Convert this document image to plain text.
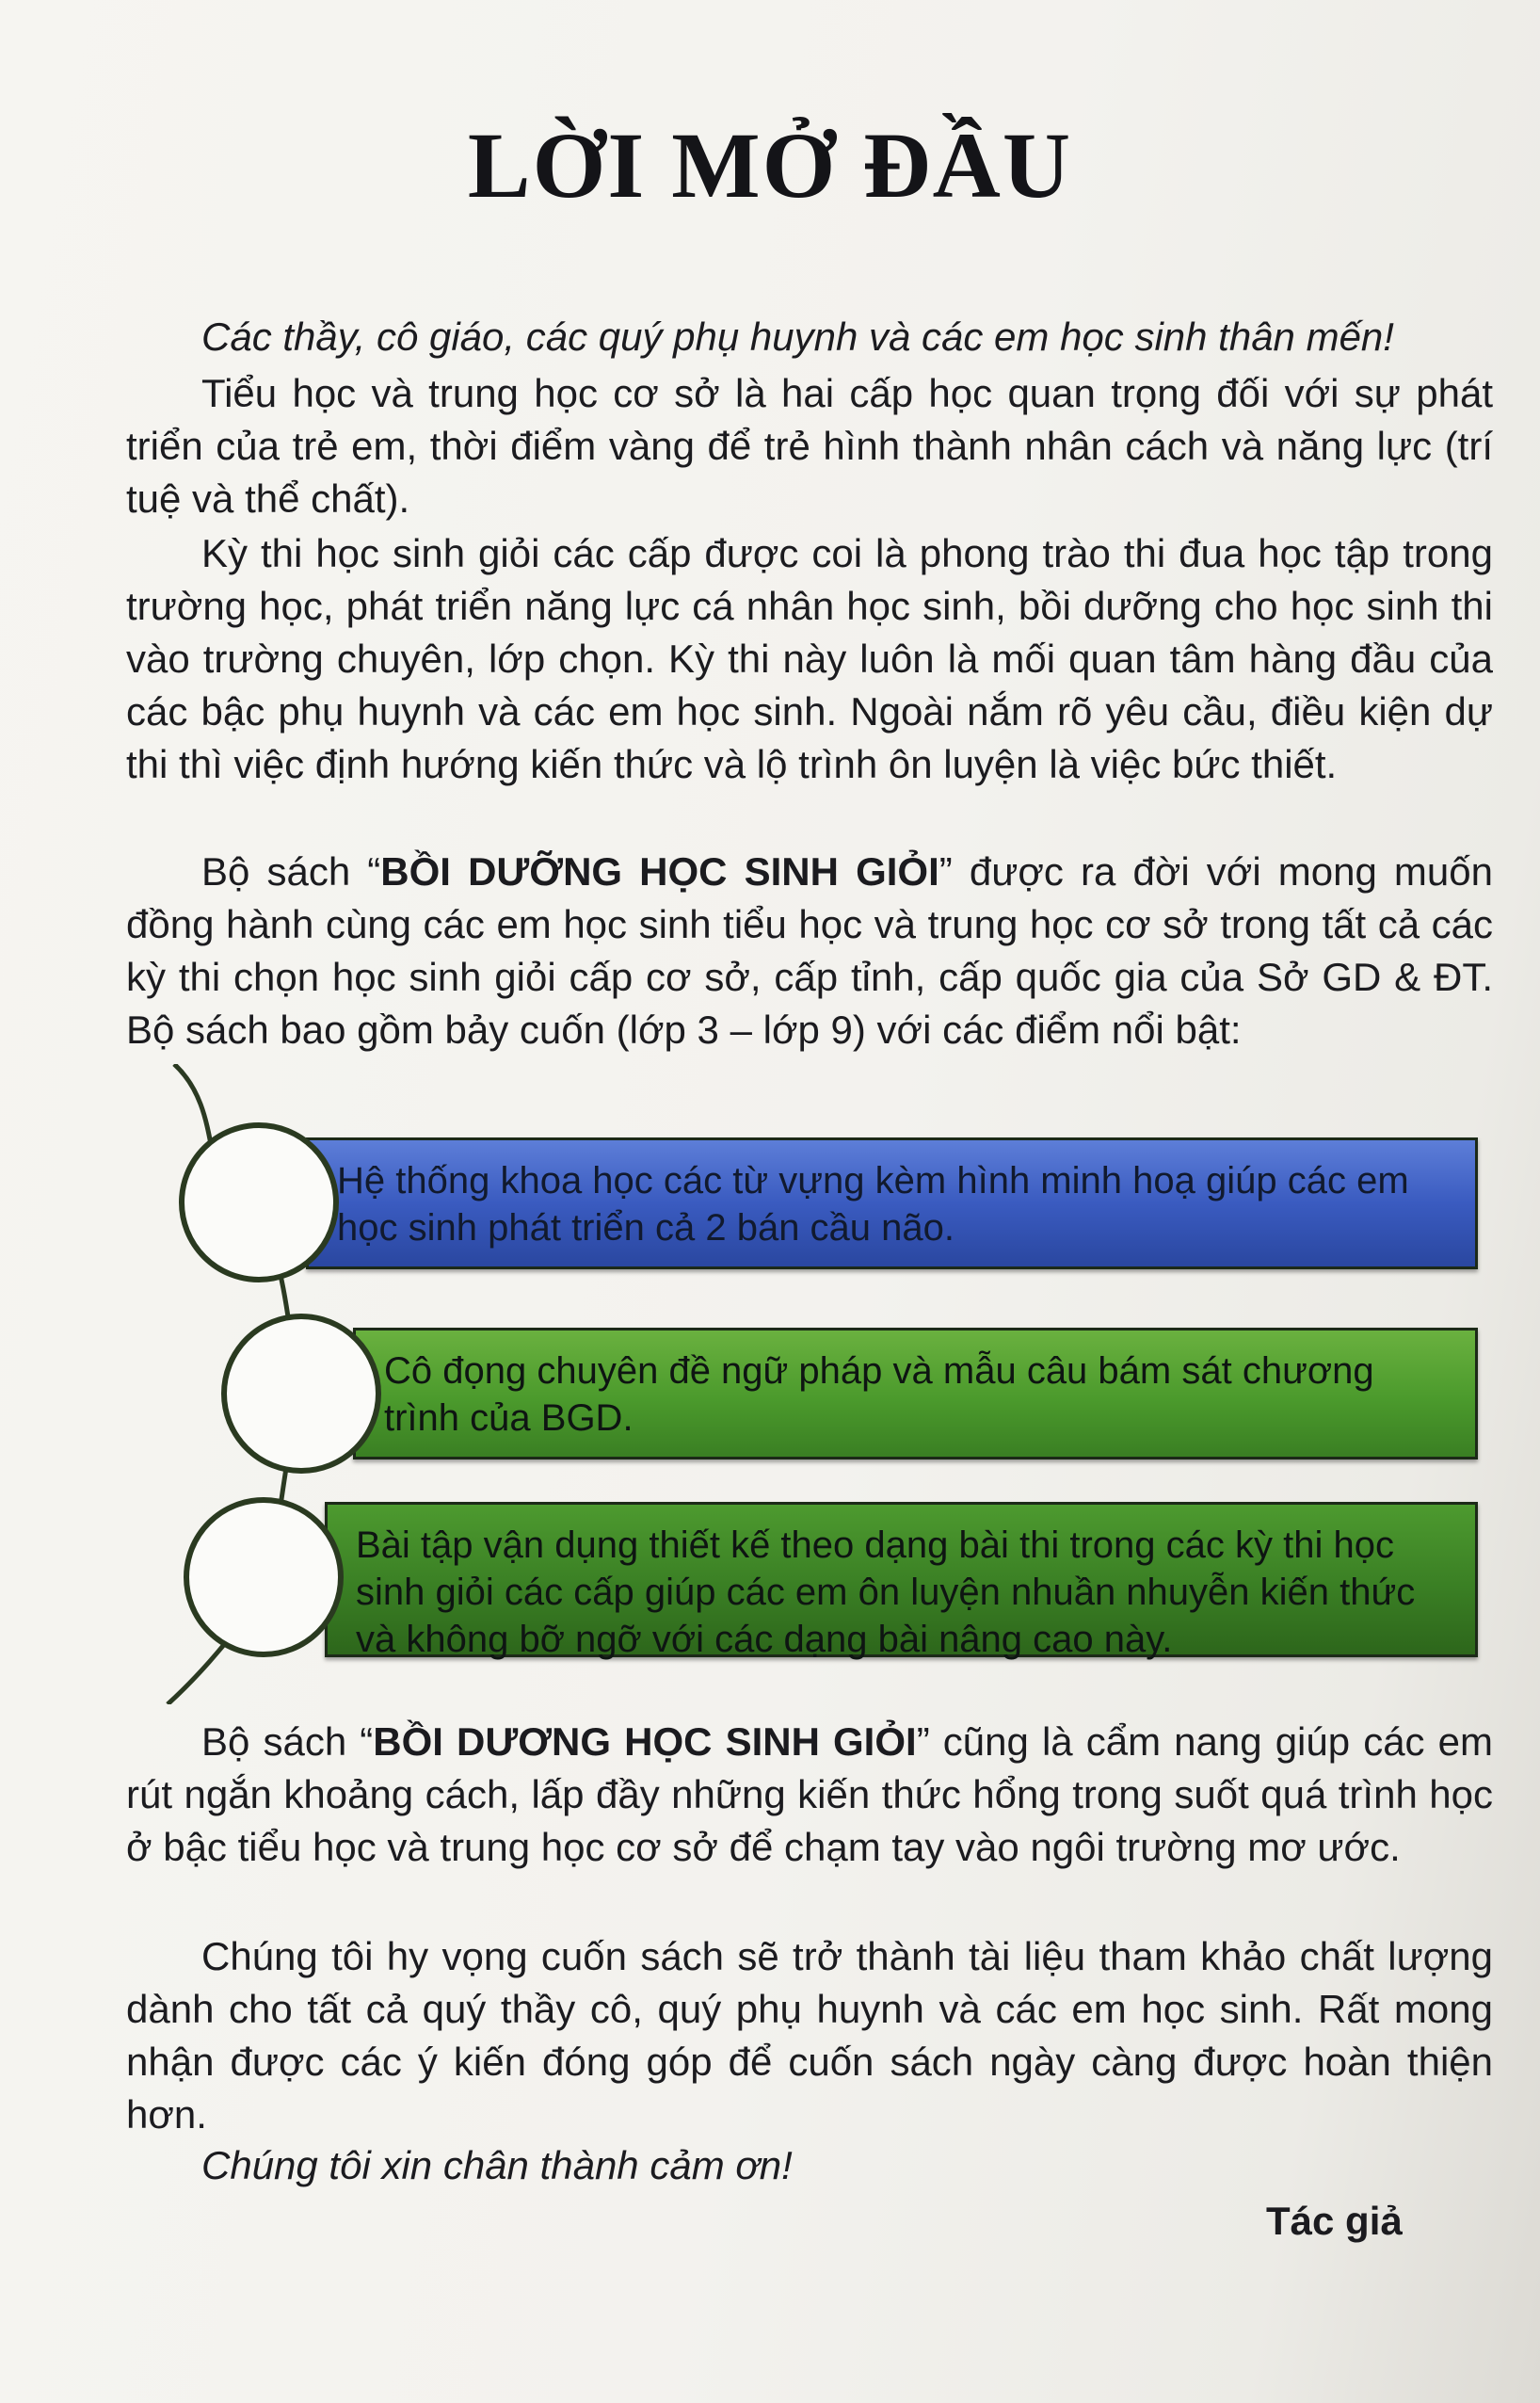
LỜI MỞ ĐẦU

Các thầy, cô giáo, các quý phụ huynh và các em học sinh thân mến!

Tiểu học và trung học cơ sở là hai cấp học quan trọng đối với sự phát triển của trẻ em, thời điểm vàng để trẻ hình thành nhân cách và năng lực (trí tuệ và thể chất).

Kỳ thi học sinh giỏi các cấp được coi là phong trào thi đua học tập trong trường học, phát triển năng lực cá nhân học sinh, bồi dưỡng cho học sinh thi vào trường chuyên, lớp chọn. Kỳ thi này luôn là mối quan tâm hàng đầu của các bậc phụ huynh và các em học sinh. Ngoài nắm rõ yêu cầu, điều kiện dự thi thì việc định hướng kiến thức và lộ trình ôn luyện là việc bức thiết.

Bộ sách “BỒI DƯỠNG HỌC SINH GIỎI” được ra đời với mong muốn đồng hành cùng các em học sinh tiểu học và trung học cơ sở trong tất cả các kỳ thi chọn học sinh giỏi cấp cơ sở, cấp tỉnh, cấp quốc gia của Sở GD & ĐT. Bộ sách bao gồm bảy cuốn (lớp 3 – lớp 9) với các điểm nổi bật:

Hệ thống khoa học các từ vựng kèm hình minh hoạ giúp các em học sinh phát triển cả 2 bán cầu não.
Cô đọng chuyên đề ngữ pháp và mẫu câu bám sát chương trình của BGD.
Bài tập vận dụng thiết kế theo dạng bài thi trong các kỳ thi học sinh giỏi các cấp giúp các em ôn luyện nhuần nhuyễn kiến thức và không bỡ ngỡ với các dạng bài nâng cao này.

Bộ sách “BỒI DƯƠNG HỌC SINH GIỎI” cũng là cẩm nang giúp các em rút ngắn khoảng cách, lấp đầy những kiến thức hổng trong suốt quá trình học ở bậc tiểu học và trung học cơ sở để chạm tay vào ngôi trường mơ ước.

Chúng tôi hy vọng cuốn sách sẽ trở thành tài liệu tham khảo chất lượng dành cho tất cả quý thầy cô, quý phụ huynh và các em học sinh. Rất mong nhận được các ý kiến đóng góp để cuốn sách ngày càng được hoàn thiện hơn.

Chúng tôi xin chân thành cảm ơn!

Tác giả
